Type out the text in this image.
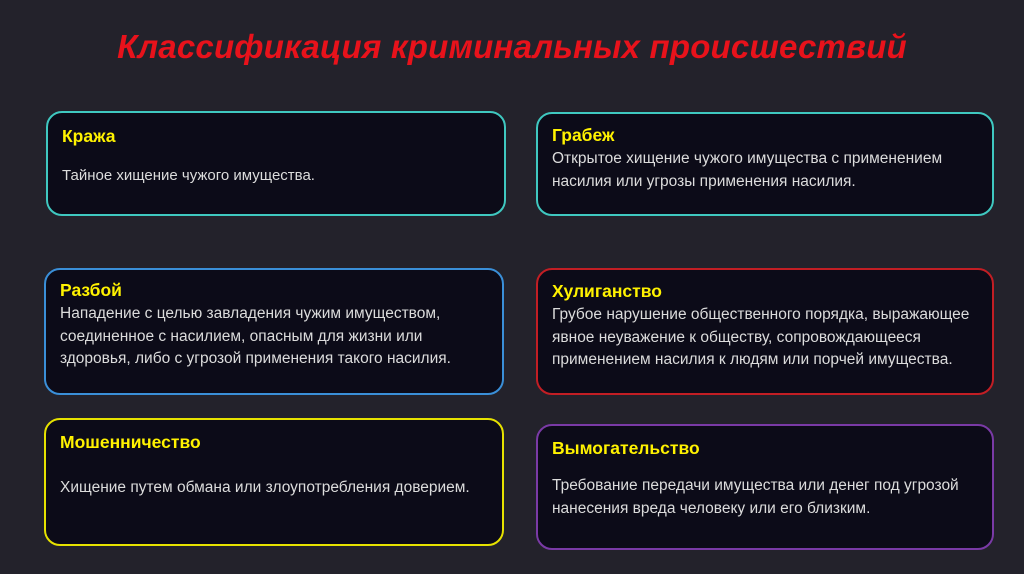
Классификация криминальных происшествий
Кража
Тайное хищение чужого имущества.
Грабеж
Открытое хищение чужого имущества с применением насилия или угрозы применения насилия.
Разбой
Нападение с целью завладения чужим имуществом, соединенное с насилием, опасным для жизни или здоровья, либо с угрозой применения такого насилия.
Хулиганство
Грубое нарушение общественного порядка, выражающее явное неуважение к обществу, сопровождающееся применением насилия к людям или порчей имущества.
Мошенничество
Хищение путем обмана или злоупотребления доверием.
Вымогательство
Требование передачи имущества или денег под угрозой нанесения вреда человеку или его близким.
